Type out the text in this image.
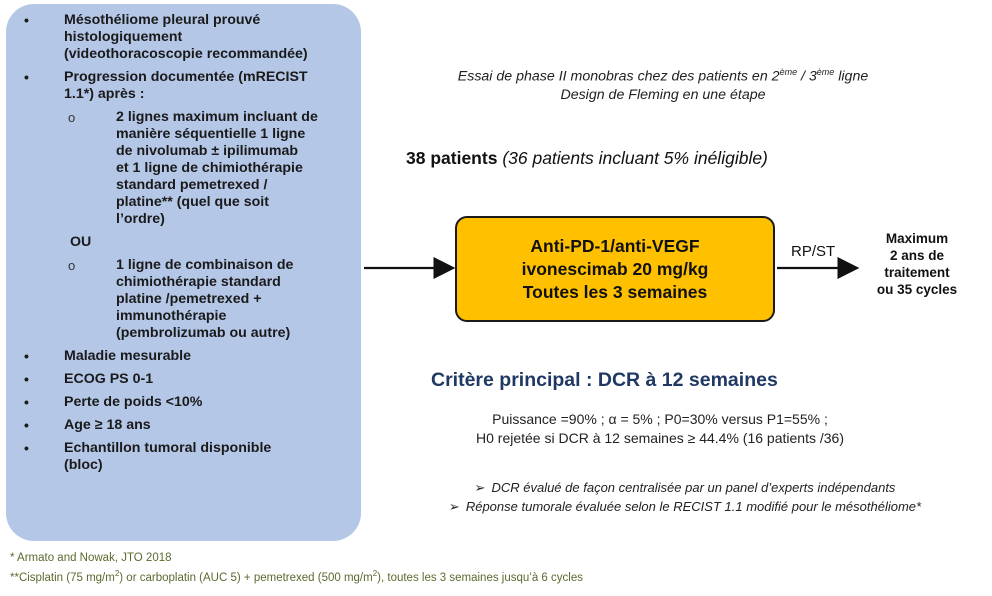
•	Mésothéliome pleural prouvé
histologiquement
(videothoracoscopie recommandée)
•	Progression documentée (mRECIST
1.1*) après :
o	2 lignes maximum incluant de
manière séquentielle 1 ligne
de nivolumab ± ipilimumab
et 1 ligne de chimiothérapie
standard pemetrexed /
platine** (quel que soit
l’ordre)
OU
o	1 ligne de combinaison de
chimiothérapie standard
platine /pemetrexed +
immunothérapie
(pembrolizumab ou autre)
•	Maladie mesurable
•	ECOG PS 0-1
•	Perte de poids <10%
•	Age ≥ 18 ans
•	Echantillon tumoral disponible
(bloc)
Essai de phase II monobras chez des patients en 2ème / 3ème ligne
Design de Fleming en une étape
38 patients (36 patients incluant 5% inéligible)
Anti-PD-1/anti-VEGF
ivonescimab 20 mg/kg
Toutes les 3 semaines
RP/ST
Maximum
2 ans de
traitement
ou 35 cycles
Critère principal : DCR à 12 semaines
Puissance =90% ; α = 5% ; P0=30% versus P1=55% ;
H0 rejetée si DCR à 12 semaines ≥ 44.4% (16 patients /36)
➢ DCR évalué de façon centralisée par un panel d’experts indépendants
➢ Réponse tumorale évaluée selon le RECIST 1.1 modifié pour le mésothéliome*
* Armato and Nowak, JTO 2018
**Cisplatin (75 $mg/m^2$) or carboplatin (AUC 5) + pemetrexed (500 $mg/m^2$), toutes les 3 semaines jusqu’à 6 cycles
